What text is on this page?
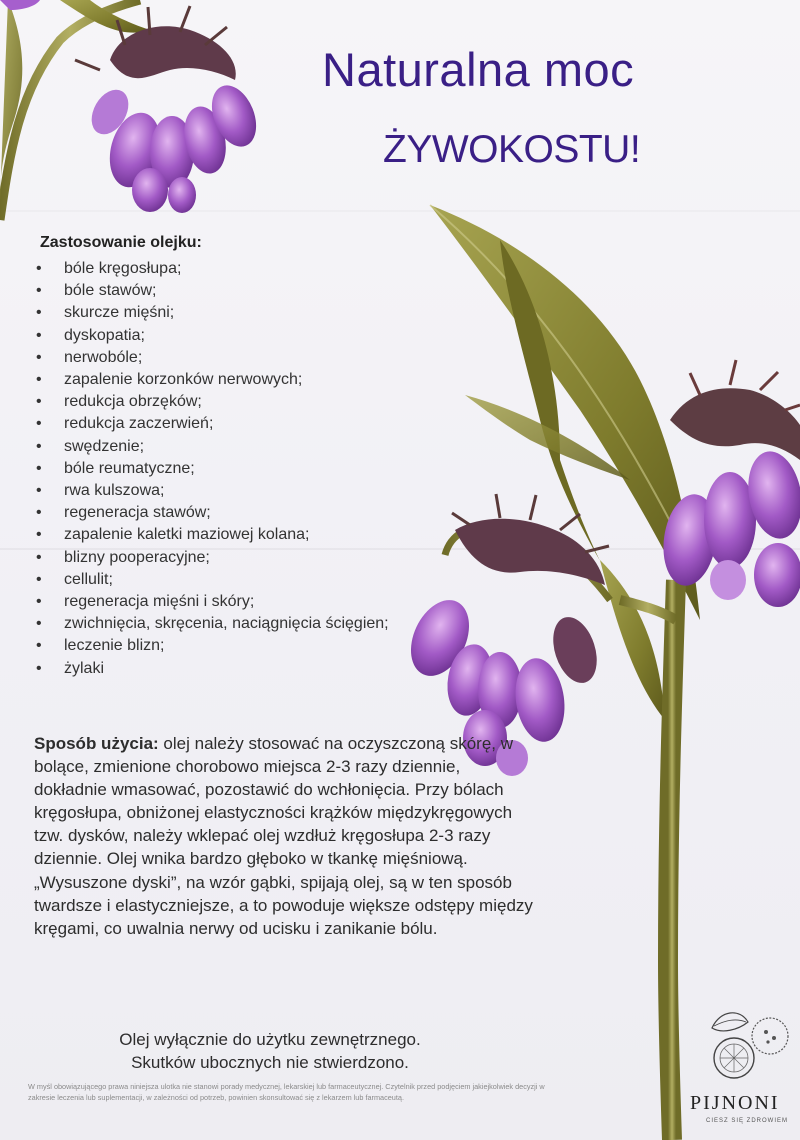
Naturalna moc
ŻYWOKOSTU!
Zastosowanie olejku:
• bóle kręgosłupa;
• bóle stawów;
• skurcze mięśni;
• dyskopatia;
• nerwobóle;
• zapalenie korzonków nerwowych;
• redukcja obrzęków;
• redukcja zaczerwień;
• swędzenie;
• bóle reumatyczne;
• rwa kulszowa;
• regeneracja stawów;
• zapalenie kaletki maziowej kolana;
• blizny pooperacyjne;
• cellulit;
• regeneracja mięśni i skóry;
• zwichnięcia, skręcenia, naciągnięcia ścięgien;
• leczenie blizn;
• żylaki
Sposób użycia: olej należy stosować na oczyszczoną skórę, w bolące, zmienione chorobowo miejsca 2-3 razy dziennie, dokładnie wmasować, pozostawić do wchłonięcia. Przy bólach kręgosłupa, obniżonej elastyczności krążków międzykręgowych tzw. dysków, należy wklepać olej wzdłuż kręgosłupa 2-3 razy dziennie. Olej wnika bardzo głęboko w tkankę mięśniową. „Wysuszone dyski”, na wzór gąbki, spijają olej, są w ten sposób twardsze i elastyczniejsze, a to powoduje większe odstępy między kręgami, co uwalnia nerwy od ucisku i zanikanie bólu.
Olej wyłącznie do użytku zewnętrznego.
Skutków ubocznych nie stwierdzono.
W myśl obowiązującego prawa niniejsza ulotka nie stanowi porady medycznej, lekarskiej lub farmaceutycznej. Czytelnik przed podjęciem jakiejkolwiek decyzji w zakresie leczenia lub suplementacji, w zależności od potrzeb, powinien skonsultować się z lekarzem lub farmaceutą.	PIJNONI
CIESZ SIĘ ZDROWIEM
